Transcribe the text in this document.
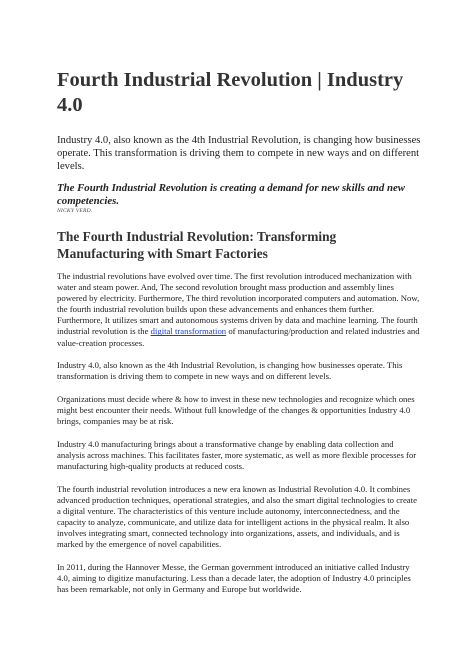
Fourth Industrial Revolution | Industry 4.0

Industry 4.0, also known as the 4th Industrial Revolution, is changing how businesses operate. This transformation is driving them to compete in new ways and on different levels.

The Fourth Industrial Revolution is creating a demand for new skills and new competencies.

NICKY VERD.

The Fourth Industrial Revolution: Transforming Manufacturing with Smart Factories

The industrial revolutions have evolved over time. The first revolution introduced mechanization with water and steam power. And, The second revolution brought mass production and assembly lines powered by electricity. Furthermore, The third revolution incorporated computers and automation. Now, the fourth industrial revolution builds upon these advancements and enhances them further. Furthermore, It utilizes smart and autonomous systems driven by data and machine learning. The fourth industrial revolution is the digital transformation of manufacturing/production and related industries and value-creation processes.

Industry 4.0, also known as the 4th Industrial Revolution, is changing how businesses operate. This transformation is driving them to compete in new ways and on different levels.

Organizations must decide where & how to invest in these new technologies and recognize which ones might best encounter their needs. Without full knowledge of the changes & opportunities Industry 4.0 brings, companies may be at risk.

Industry 4.0 manufacturing brings about a transformative change by enabling data collection and analysis across machines. This facilitates faster, more systematic, as well as more flexible processes for manufacturing high-quality products at reduced costs.

The fourth industrial revolution introduces a new era known as Industrial Revolution 4.0. It combines advanced production techniques, operational strategies, and also the smart digital technologies to create a digital venture. The characteristics of this venture include autonomy, interconnectedness, and the capacity to analyze, communicate, and utilize data for intelligent actions in the physical realm. It also involves integrating smart, connected technology into organizations, assets, and individuals, and is marked by the emergence of novel capabilities.

In 2011, during the Hannover Messe, the German government introduced an initiative called Industry 4.0, aiming to digitize manufacturing. Less than a decade later, the adoption of Industry 4.0 principles has been remarkable, not only in Germany and Europe but worldwide.
